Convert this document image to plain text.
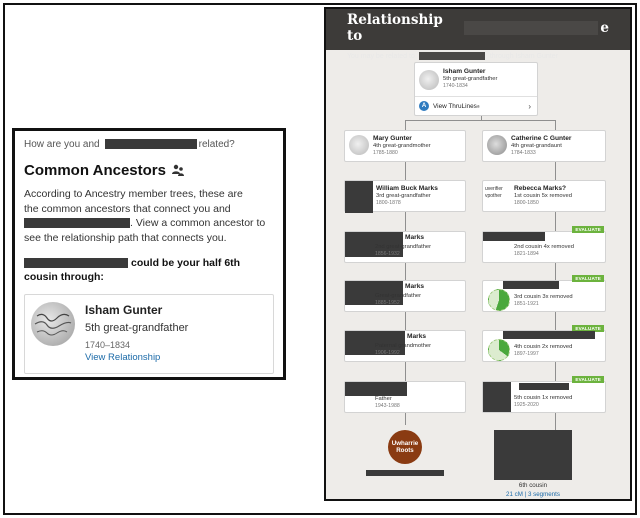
How are you and	related?
Common Ancestors
According to Ancestry member trees, these are
the common ancestors that connect you and
. View a common ancestor to
see the relationship path that connects you.
could be your half 6th
cousin through:
Isham Gunter
5th great-grandfather
1740–1834
View Relationship
Relationship to	e
You may be related to	through Isham Gunter
Isham Gunter
5th great-grandfather
1740-1834
A	View ThruLines ®	›
Mary Gunter
4th great-grandmother
1785-1880
William Buck Marks
3rd great-grandfather
1800-1878
Marks
2nd great-grandfather
1856-1932
Marks
Great-grandfather
1885-1952
Marks
Paternal grandmother
1906-1992
Father
1943-1988
Uwharrie
Roots
Catherine C Gunter
4th great-grandaunt
1784-1833
uverifier
vpother
Rebecca Marks?
1st cousin 5x removed
1800-1850
EVALUATE
2nd cousin 4x removed
1821-1894
EVALUATE
3rd cousin 3x removed
1851-1921
EVALUATE
4th cousin 2x removed
1897-1997
EVALUATE
5th cousin 1x removed
1925-2020
6th cousin
21 cM | 3 segments
